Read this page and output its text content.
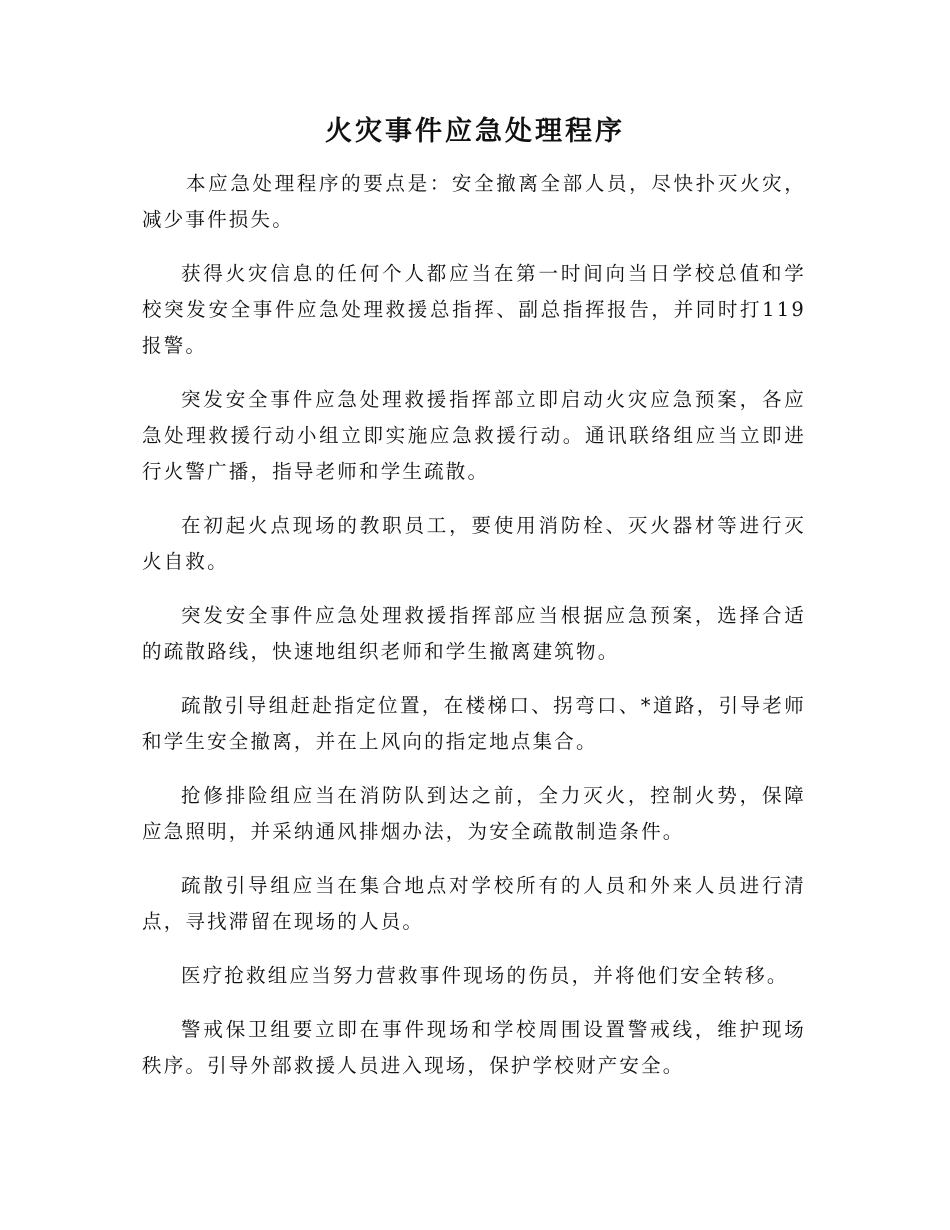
火灾事件应急处理程序

本应急处理程序的要点是：安全撤离全部人员，尽快扑灭火灾，减少事件损失。

获得火灾信息的任何个人都应当在第一时间向当日学校总值和学校突发安全事件应急处理救援总指挥、副总指挥报告，并同时打119报警。

突发安全事件应急处理救援指挥部立即启动火灾应急预案，各应急处理救援行动小组立即实施应急救援行动。通讯联络组应当立即进行火警广播，指导老师和学生疏散。

在初起火点现场的教职员工，要使用消防栓、灭火器材等进行灭火自救。

突发安全事件应急处理救援指挥部应当根据应急预案，选择合适的疏散路线，快速地组织老师和学生撤离建筑物。

疏散引导组赶赴指定位置，在楼梯口、拐弯口、*道路，引导老师和学生安全撤离，并在上风向的指定地点集合。

抢修排险组应当在消防队到达之前，全力灭火，控制火势，保障应急照明，并采纳通风排烟办法，为安全疏散制造条件。

疏散引导组应当在集合地点对学校所有的人员和外来人员进行清点，寻找滞留在现场的人员。

医疗抢救组应当努力营救事件现场的伤员，并将他们安全转移。

警戒保卫组要立即在事件现场和学校周围设置警戒线，维护现场秩序。引导外部救援人员进入现场，保护学校财产安全。
